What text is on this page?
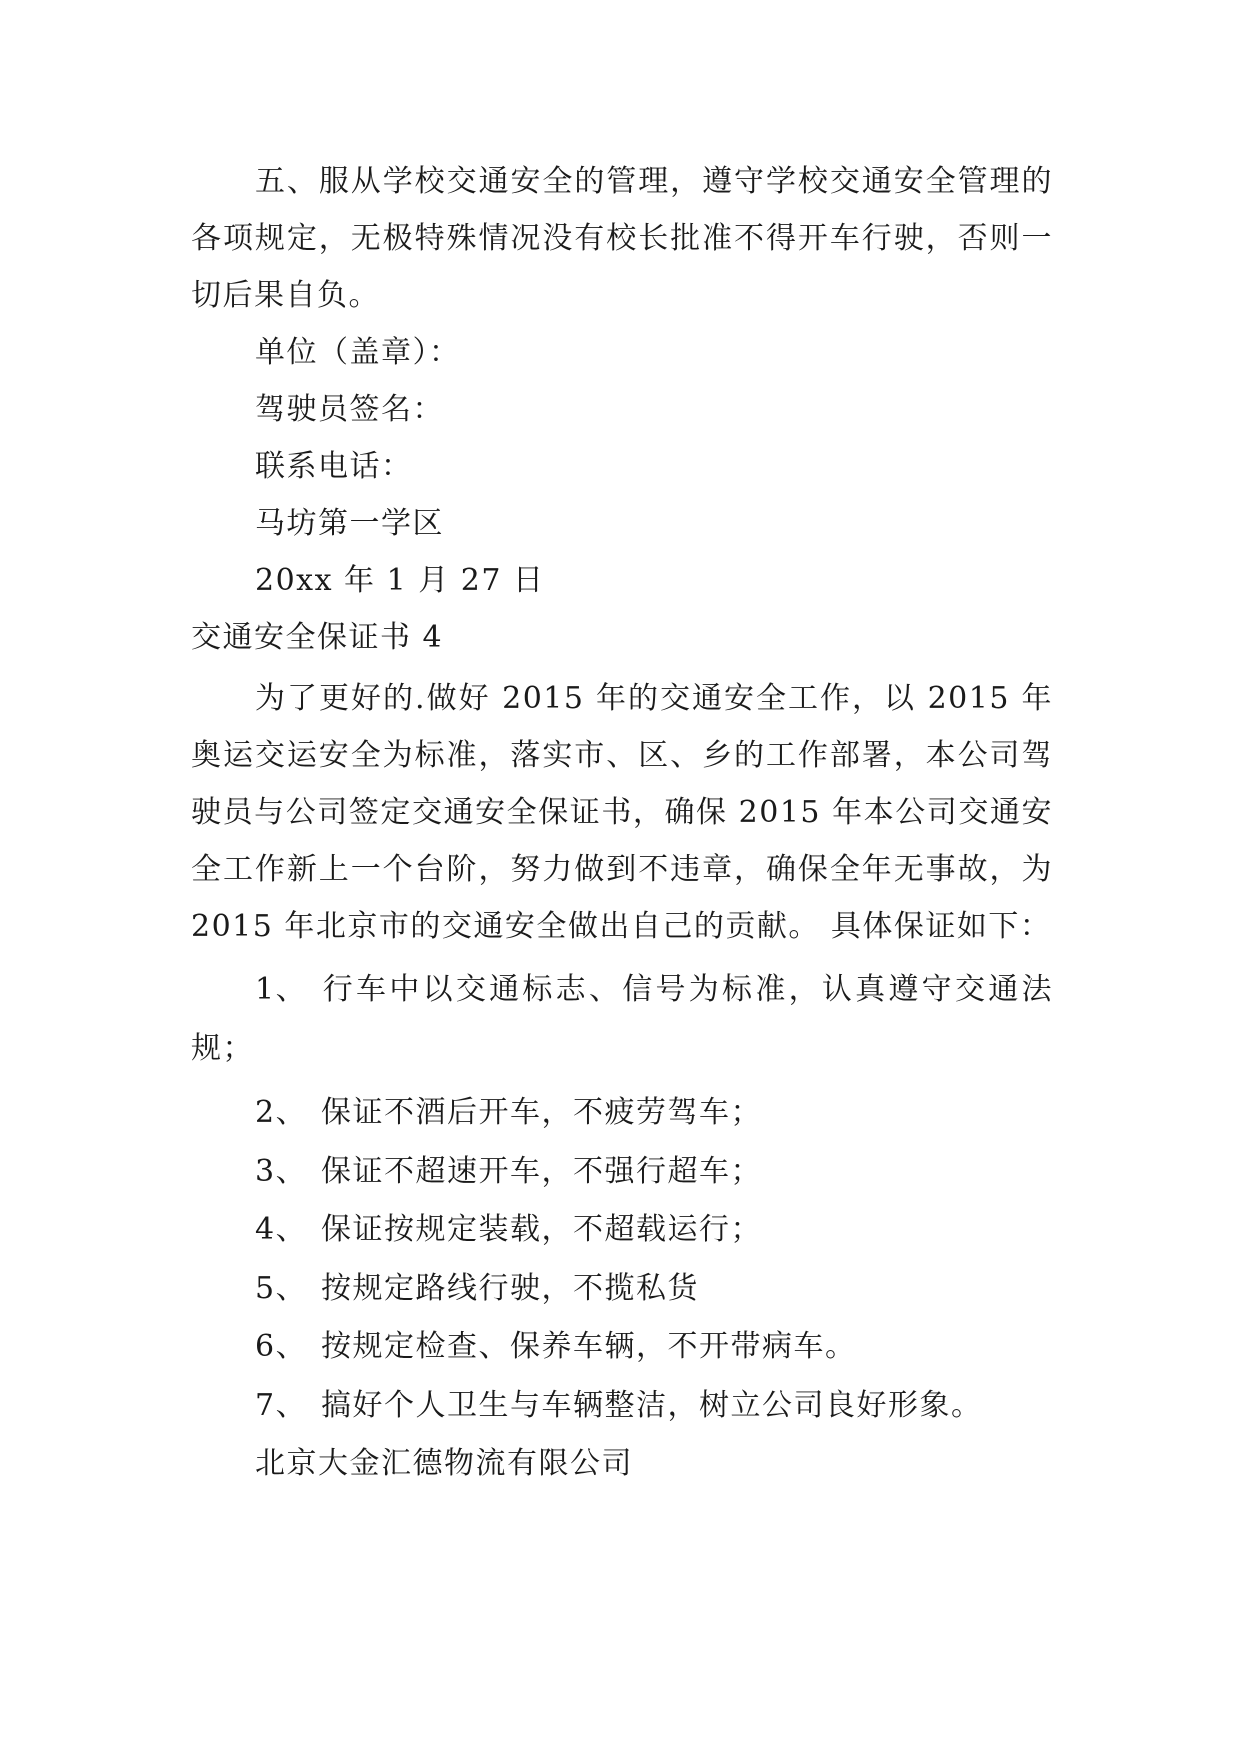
五、服从学校交通安全的管理，遵守学校交通安全管理的各项规定，无极特殊情况没有校长批准不得开车行驶，否则一切后果自负。

单位（盖章）：

驾驶员签名：

联系电话：

马坊第一学区

20xx 年 1 月 27 日

交通安全保证书 4

为了更好的.做好 2015 年的交通安全工作，以 2015 年奥运交运安全为标准，落实市、区、乡的工作部署，本公司驾驶员与公司签定交通安全保证书，确保 2015 年本公司交通安全工作新上一个台阶，努力做到不违章，确保全年无事故，为 2015 年北京市的交通安全做出自己的贡献。 具体保证如下：

1、 行车中以交通标志、信号为标准，认真遵守交通法规；

2、 保证不酒后开车，不疲劳驾车；

3、 保证不超速开车，不强行超车；

4、 保证按规定装载，不超载运行；

5、 按规定路线行驶，不揽私货

6、 按规定检查、保养车辆，不开带病车。

7、 搞好个人卫生与车辆整洁，树立公司良好形象。

北京大金汇德物流有限公司
